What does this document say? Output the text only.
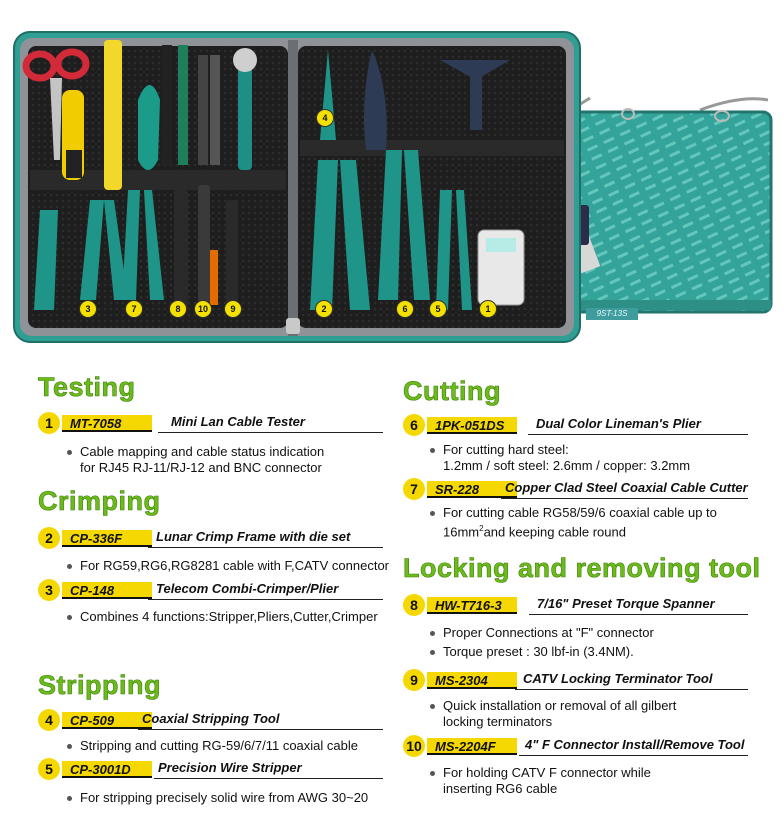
4
3	7	8	10	9	2	6	5	1	9ST-13S
Testing
1	MT-7058	Mini Lan Cable Tester
Cable mapping and cable status indication
for RJ45 RJ-11/RJ-12 and BNC connector
Crimping
2	CP-336F	Lunar Crimp Frame with die set
For RG59,RG6,RG8281 cable with F,CATV connector
3	CP-148	Telecom Combi-Crimper/Plier
Combines 4 functions:Stripper,Pliers,Cutter,Crimper
Stripping
4	CP-509	Coaxial Stripping Tool
Stripping and cutting RG-59/6/7/11 coaxial cable
5	CP-3001D	Precision Wire Stripper
For stripping precisely solid wire from AWG 30~20
Cutting
6	1PK-051DS	Dual Color Lineman's Plier
For cutting hard steel:
1.2mm / soft steel: 2.6mm / copper: 3.2mm
7	SR-228	Copper Clad Steel Coaxial Cable Cutter
For cutting cable RG58/59/6 coaxial cable up to
$16mm^2and$ keeping cable round
Locking and removing tool
8	HW-T716-3	7/16" Preset Torque Spanner
Proper Connections at "F" connector
Torque preset : 30 lbf-in (3.4NM).
9	MS-2304	CATV Locking Terminator Tool
Quick installation or removal of all gilbert
locking terminators
10	MS-2204F	4" F Connector Install/Remove Tool
For holding CATV F connector while
inserting RG6 cable
